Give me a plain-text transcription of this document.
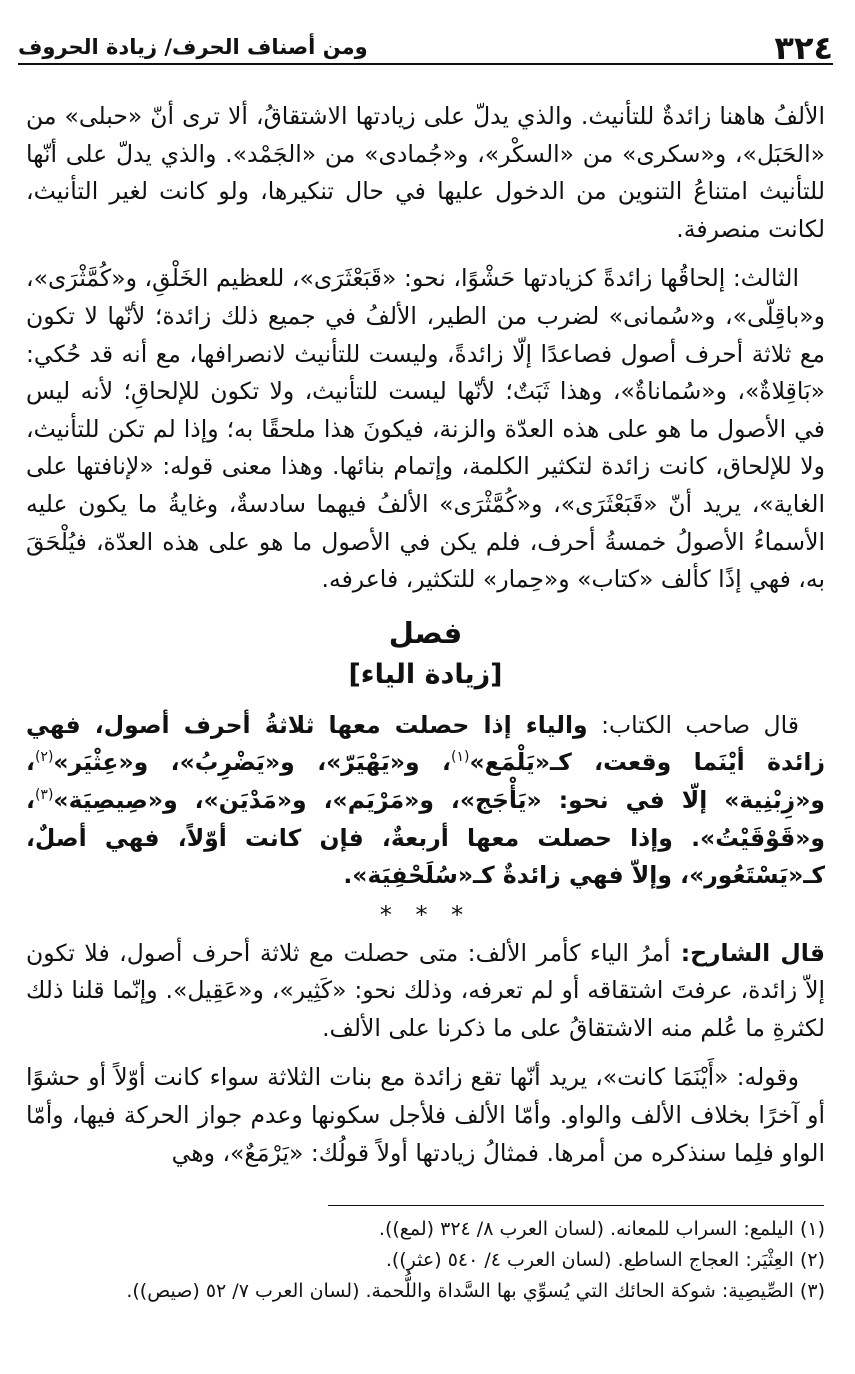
٣٢٤
ومن أصناف الحرف/ زيادة الحروف

الألفُ هاهنا زائدةٌ للتأنيث. والذي يدلّ على زيادتها الاشتقاقُ، ألا ترى أنّ «حبلى» من «الحَبَل»، و«سكرى» من «السكْر»، و«جُمادى» من «الجَمْد». والذي يدلّ على أنّها للتأنيث امتناعُ التنوين من الدخول عليها في حال تنكيرها، ولو كانت لغير التأنيث، لكانت منصرفة.

الثالث: إلحاقُها زائدةً كزيادتها حَشْوًا، نحو: «قَبَعْثَرَى»، للعظيم الخَلْقِ، و«كُمَّثْرَى»، و«باقِلّى»، و«سُمانى» لضرب من الطير، الألفُ في جميع ذلك زائدة؛ لأنّها لا تكون مع ثلاثة أحرف أصول فصاعدًا إلّا زائدةً، وليست للتأنيث لانصرافها، مع أنه قد حُكي: «بَاقِلاةٌ»، و«سُماناةٌ»، وهذا ثَبَتٌ؛ لأنّها ليست للتأنيث، ولا تكون للإلحاقِ؛ لأنه ليس في الأصول ما هو على هذه العدّة والزنة، فيكونَ هذا ملحقًا به؛ وإذا لم تكن للتأنيث، ولا للإلحاق، كانت زائدة لتكثير الكلمة، وإتمام بنائها. وهذا معنى قوله: «لإنافتها على الغاية»، يريد أنّ «قَبَعْثَرَى»، و«كُمَّثْرَى» الألفُ فيهما سادسةٌ، وغايةُ ما يكون عليه الأسماءُ الأصولُ خمسةُ أحرف، فلم يكن في الأصول ما هو على هذه العدّة، فيُلْحَقَ به، فهي إذًا كألف «كتاب» و«حِمار» للتكثير، فاعرفه.

فصل
[زيادة الياء]

قال صاحب الكتاب: والياء إذا حصلت معها ثلاثةُ أحرف أصول، فهي زائدة أيْنَما وقعت، كـ«يَلْمَع»$^{(١)}$، و«يَهْيَرّ»، و«يَضْرِبُ»، و«عِثْيَر»$^{(٢)}$، و«زِبْنِية» إلّا في نحو: «يَأْجَج»، و«مَرْيَم»، و«مَدْيَن»، و«صِيصِيَة»$^{(٣)}$، و«قَوْقَيْتُ». وإذا حصلت معها أربعةٌ، فإن كانت أوّلاً، فهي أصلٌ، كـ«يَسْتَعُور»، وإلاّ فهي زائدةٌ كـ«سُلَحْفِيَة».

* * *

قال الشارح: أمرُ الياء كأمر الألف: متى حصلت مع ثلاثة أحرف أصول، فلا تكون إلاّ زائدة، عرفتَ اشتقاقه أو لم تعرفه، وذلك نحو: «كَثِير»، و«عَقِيل». وإنّما قلنا ذلك لكثرةِ ما عُلم منه الاشتقاقُ على ما ذكرنا على الألف.

وقوله: «أَيْنَمَا كانت»، يريد أنّها تقع زائدة مع بنات الثلاثة سواء كانت أوّلاً أو حشوًا أو آخرًا بخلاف الألف والواو. وأمّا الألف فلأجل سكونها وعدم جواز الحركة فيها، وأمّا الواو فلِما سنذكره من أمرها. فمثالُ زيادتها أولاً قولُك: «يَرْمَعٌ»، وهي

(١) اليلمع: السراب للمعانه. (لسان العرب ٨/ ٣٢٤ (لمع)).

(٢) العِثْيَر: العجاج الساطع. (لسان العرب ٤/ ٥٤٠ (عثر)).

(٣) الصِّيصِية: شوكة الحائك التي يُسوِّي بها السَّداة واللُّحمة. (لسان العرب ٧/ ٥٢ (صيص)).
